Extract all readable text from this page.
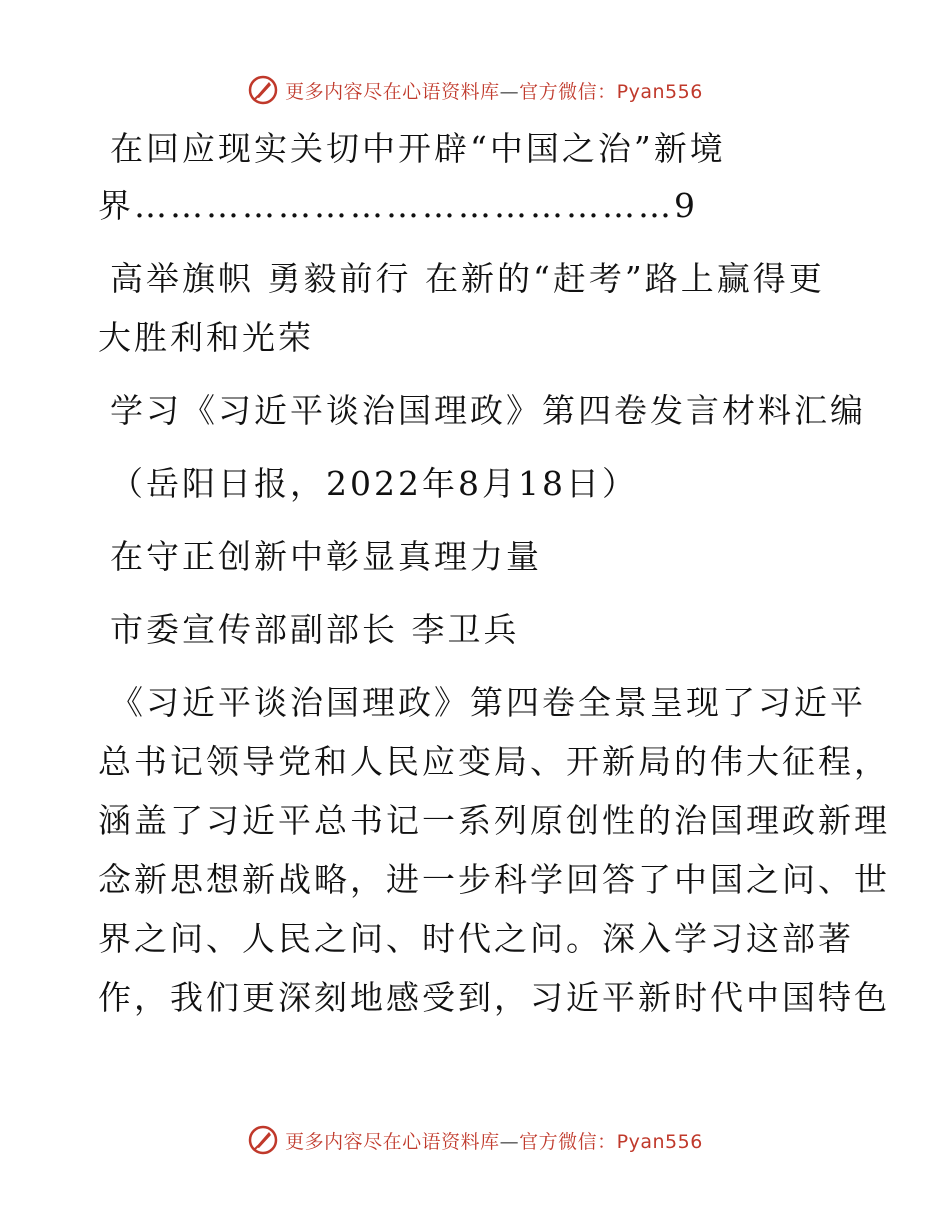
更多内容尽在心语资料库—官方微信：Pyan556
在回应现实关切中开辟“中国之治”新境
界………………………………………9
高举旗帜 勇毅前行 在新的“赶考”路上赢得更
大胜利和光荣
学习《习近平谈治国理政》第四卷发言材料汇编
（岳阳日报，2022年8月18日）
在守正创新中彰显真理力量
市委宣传部副部长 李卫兵
《习近平谈治国理政》第四卷全景呈现了习近平
总书记领导党和人民应变局、开新局的伟大征程，
涵盖了习近平总书记一系列原创性的治国理政新理
念新思想新战略，进一步科学回答了中国之问、世
界之问、人民之问、时代之问。深入学习这部著
作，我们更深刻地感受到，习近平新时代中国特色
更多内容尽在心语资料库—官方微信：Pyan556
